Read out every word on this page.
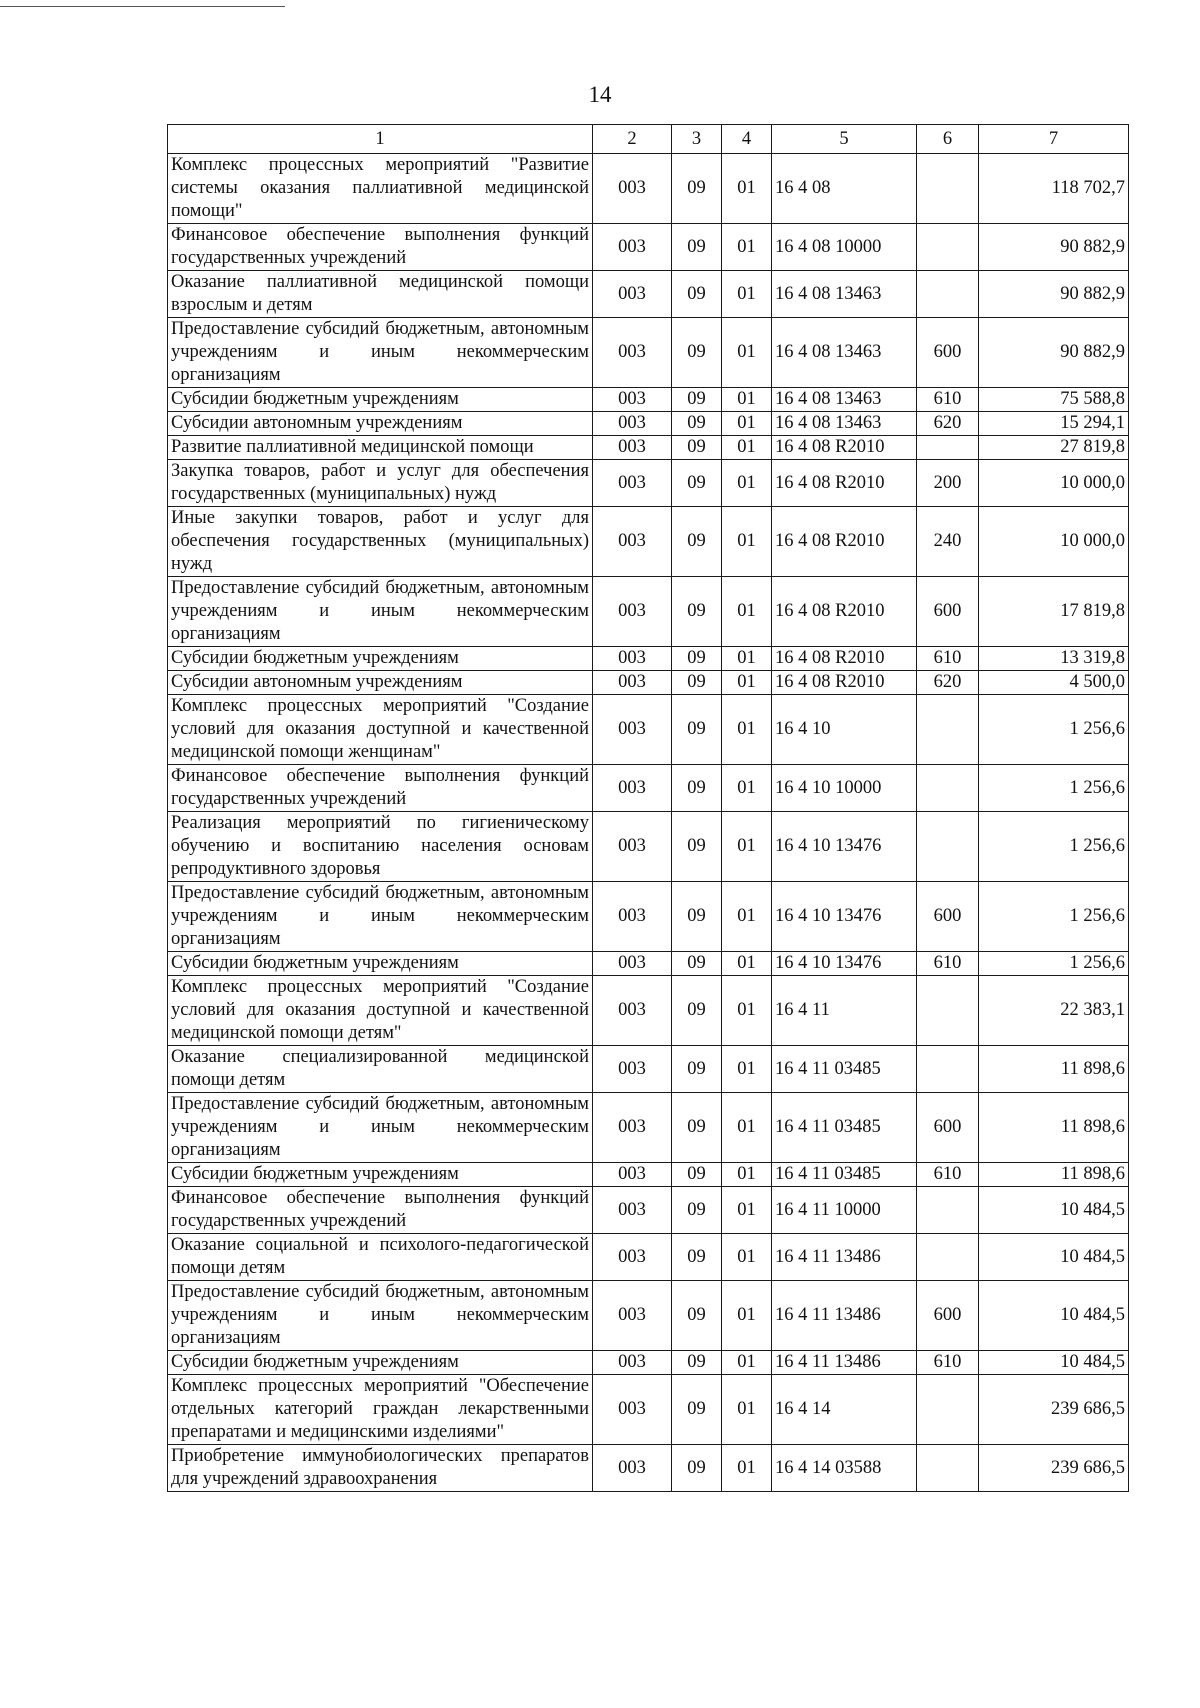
14
1	2	3	4	5	6	7
Комплекс процессных мероприятий "Развитие системы оказания паллиативной медицинской помощи"	003	09	01	16 4 08		118 702,7
Финансовое обеспечение выполнения функций государственных учреждений	003	09	01	16 4 08 10000		90 882,9
Оказание паллиативной медицинской помощи взрослым и детям	003	09	01	16 4 08 13463		90 882,9
Предоставление субсидий бюджетным, автономным учреждениям и иным некоммерческим организациям	003	09	01	16 4 08 13463	600	90 882,9
Субсидии бюджетным учреждениям	003	09	01	16 4 08 13463	610	75 588,8
Субсидии автономным учреждениям	003	09	01	16 4 08 13463	620	15 294,1
Развитие паллиативной медицинской помощи	003	09	01	16 4 08 R2010		27 819,8
Закупка товаров, работ и услуг для обеспечения государственных (муниципальных) нужд	003	09	01	16 4 08 R2010	200	10 000,0
Иные закупки товаров, работ и услуг для обеспечения государственных (муниципальных) нужд	003	09	01	16 4 08 R2010	240	10 000,0
Предоставление субсидий бюджетным, автономным учреждениям и иным некоммерческим организациям	003	09	01	16 4 08 R2010	600	17 819,8
Субсидии бюджетным учреждениям	003	09	01	16 4 08 R2010	610	13 319,8
Субсидии автономным учреждениям	003	09	01	16 4 08 R2010	620	4 500,0
Комплекс процессных мероприятий "Создание условий для оказания доступной и качественной медицинской помощи женщинам"	003	09	01	16 4 10		1 256,6
Финансовое обеспечение выполнения функций государственных учреждений	003	09	01	16 4 10 10000		1 256,6
Реализация мероприятий по гигиеническому обучению и воспитанию населения основам репродуктивного здоровья	003	09	01	16 4 10 13476		1 256,6
Предоставление субсидий бюджетным, автономным учреждениям и иным некоммерческим организациям	003	09	01	16 4 10 13476	600	1 256,6
Субсидии бюджетным учреждениям	003	09	01	16 4 10 13476	610	1 256,6
Комплекс процессных мероприятий "Создание условий для оказания доступной и качественной медицинской помощи детям"	003	09	01	16 4 11		22 383,1
Оказание специализированной медицинской помощи детям	003	09	01	16 4 11 03485		11 898,6
Предоставление субсидий бюджетным, автономным учреждениям и иным некоммерческим организациям	003	09	01	16 4 11 03485	600	11 898,6
Субсидии бюджетным учреждениям	003	09	01	16 4 11 03485	610	11 898,6
Финансовое обеспечение выполнения функций государственных учреждений	003	09	01	16 4 11 10000		10 484,5
Оказание социальной и психолого-педагогической помощи детям	003	09	01	16 4 11 13486		10 484,5
Предоставление субсидий бюджетным, автономным учреждениям и иным некоммерческим организациям	003	09	01	16 4 11 13486	600	10 484,5
Субсидии бюджетным учреждениям	003	09	01	16 4 11 13486	610	10 484,5
Комплекс процессных мероприятий "Обеспечение отдельных категорий граждан лекарственными препаратами и медицинскими изделиями"	003	09	01	16 4 14		239 686,5
Приобретение иммунобиологических препаратов для учреждений здравоохранения	003	09	01	16 4 14 03588		239 686,5
